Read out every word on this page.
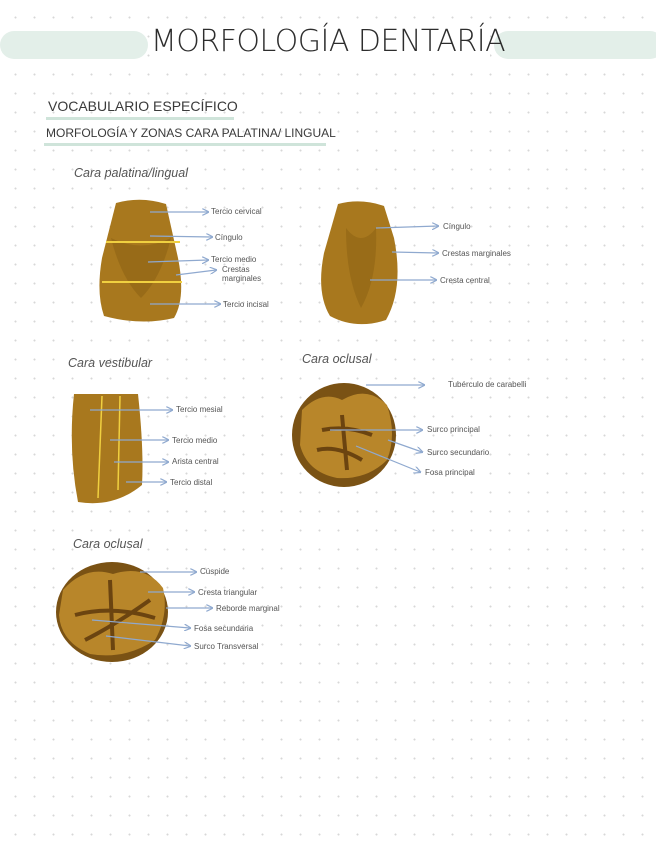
MORFOLOGÍA DENTARÍA
VOCABULARIO ESPECÍFICO
MORFOLOGÍA Y ZONAS CARA PALATINA/ LINGUAL
Cara palatina/lingual
Cara vestibular	Cara oclusal
Cara oclusal
Tercio cervical
Cíngulo
Tercio medio
Crestas marginales
Tercio incisal
Cíngulo
Crestas marginales
Cresta central
Tercio mesial
Tercio medio
Arista central
Tercio distal
Tubérculo de carabelli
Surco principal
Surco secundario
Fosa principal
Cúspide
Cresta triangular
Reborde marginal
Fosa secundaria
Surco Transversal
